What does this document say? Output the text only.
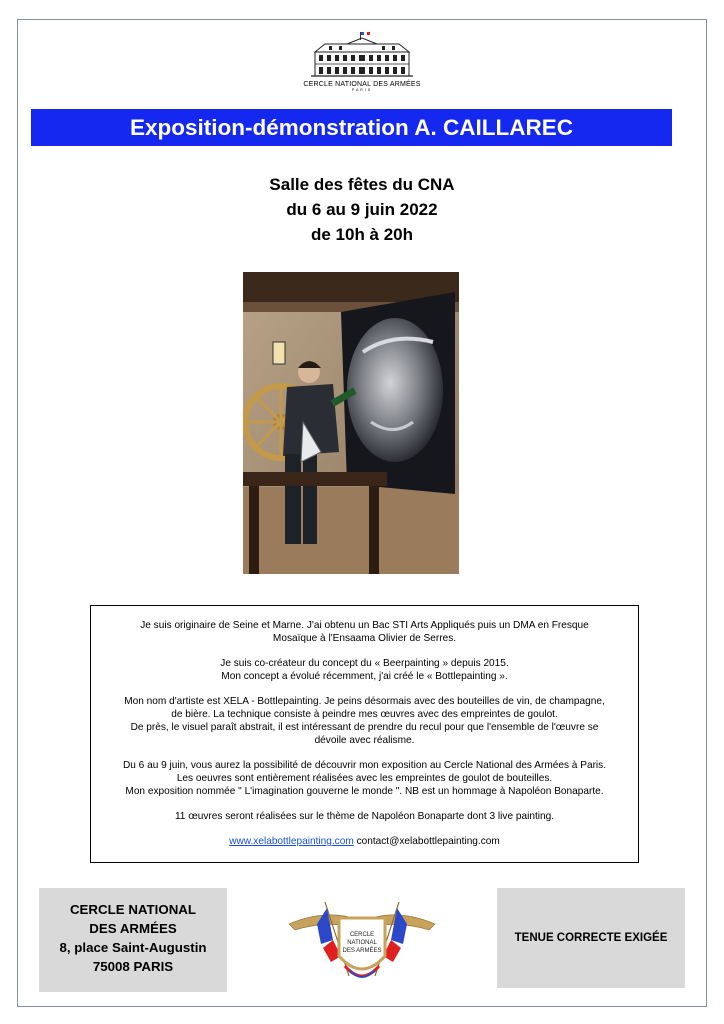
CERCLE NATIONAL DES ARMÉES
PARIS
Exposition-démonstration A. CAILLAREC
Salle des fêtes du CNA
du 6 au 9 juin 2022
de 10h à 20h

Je suis originaire de Seine et Marne. J'ai obtenu un Bac STI Arts Appliqués puis un DMA en Fresque
Mosaïque à l'Ensaama Olivier de Serres.

Je suis co-créateur du concept du « Beerpainting » depuis 2015.
Mon concept a évolué récemment, j'ai créé le « Bottlepainting ».

Mon nom d'artiste est XELA - Bottlepainting. Je peins désormais avec des bouteilles de vin, de champagne,
de bière. La technique consiste à peindre mes œuvres avec des empreintes de goulot.
De près, le visuel paraît abstrait, il est intéressant de prendre du recul pour que l'ensemble de l'œuvre se
dévoile avec réalisme.

Du 6 au 9 juin, vous aurez la possibilité de découvrir mon exposition au Cercle National des Armées à Paris.
Les oeuvres sont entièrement réalisées avec les empreintes de goulot de bouteilles.
Mon exposition nommée " L'imagination gouverne le monde ". NB est un hommage à Napoléon Bonaparte.

11 œuvres seront réalisées sur le thème de Napoléon Bonaparte dont 3 live painting.

www.xelabottlepainting.com contact@xelabottlepainting.com

CERCLE NATIONAL
DES ARMÉES
8, place Saint-Augustin
75008 PARIS
CERCLE
NATIONAL
DES ARMÉES
TENUE CORRECTE EXIGÉE
